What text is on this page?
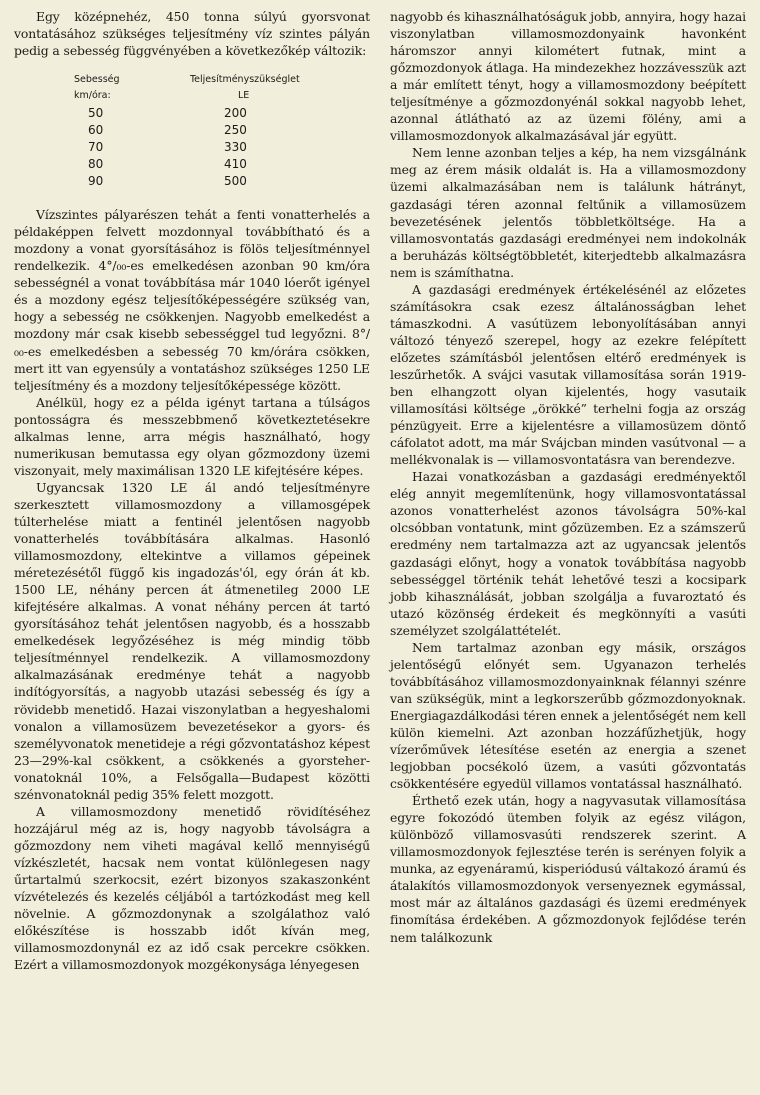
Egy középnehéz, 450 tonna súlyú gyorsvonat vontatásához szükséges teljesítmény víz szintes pályán pedig a sebesség függvényében a következőkép változik:

Sebesség	Teljesítményszükséglet
km/óra:	LE
50	200
60	250
70	330
80	410
90	500

Vízszintes pályarészen tehát a fenti vonatterhelés a példaképpen felvett mozdonnyal továbbítható és a mozdony a vonat gyorsításához is fölös teljesítménnyel rendelkezik. 4°/₀₀-es emelkedésen azonban 90 km/óra sebességnél a vonat továbbítása már 1040 lóerőt igényel és a mozdony egész teljesítőképességére szükség van, hogy a sebesség ne csökkenjen. Nagyobb emelkedést a mozdony már csak kisebb sebességgel tud legyőzni. 8°/₀₀-es emelkedésben a sebesség 70 km/órára csökken, mert itt van egyensúly a vontatáshoz szükséges 1250 LE teljesítmény és a mozdony teljesítőképessége között.

Anélkül, hogy ez a példa igényt tartana a túlságos pontosságra és messzebbmenő következtetésekre alkalmas lenne, arra mégis használható, hogy numerikusan bemutassa egy olyan gőzmozdony üzemi viszonyait, mely maximálisan 1320 LE kifejtésére képes.

Ugyancsak 1320 LE ál andó teljesítményre szerkesztett villamosmozdony a villamosgépek túlterhelése miatt a fentinél jelentősen nagyobb vonatterhelés továbbítására alkalmas. Hasonló villamosmozdony, eltekintve a villamos gépeinek méretezésétől függő kis ingadozás'ól, egy órán át kb. 1500 LE, néhány percen át átmenetileg 2000 LE kifejtésére alkalmas. A vonat néhány percen át tartó gyorsításához tehát jelentősen nagyobb, és a hosszabb emelkedések legyőzéséhez is még mindig több teljesítménnyel rendelkezik. A villamosmozdony alkalmazásának eredménye tehát a nagyobb indítógyorsítás, a nagyobb utazási sebesség és így a rövidebb menetidő. Hazai viszonylatban a hegyeshalomi vonalon a villamosüzem bevezetésekor a gyors- és személyvonatok menetideje a régi gőzvontatáshoz képest 23—29%-kal csökkent, a csökkenés a gyorstehervonatoknál 10%, a Felsőgalla—Budapest közötti szénvonatoknál pedig 35% felett mozgott.

A villamosmozdony menetidő rövidítéséhez hozzájárul még az is, hogy nagyobb távolságra a gőzmozdony nem viheti magával kellő mennyiségű vízkészletét, hacsak nem vontat különlegesen nagy űrtartalmú szerkocsit, ezért bizonyos szakaszonként vízvételezés és kezelés céljából a tartózkodást meg kell növelnie. A gőzmozdonynak a szolgálathoz való előkészítése is hosszabb időt kíván meg, villamosmozdonynál ez az idő csak percekre csökken. Ezért a villamosmozdonyok mozgékonysága lényegesen

nagyobb és kihasználhatóságuk jobb, annyira, hogy hazai viszonylatban villamosmozdonyaink havonként háromszor annyi kilométert futnak, mint a gőzmozdonyok átlaga. Ha mindezekhez hozzávesszük azt a már említett tényt, hogy a villamosmozdony beépített teljesítménye a gőzmozdonyénál sokkal nagyobb lehet, azonnal átlátható az az üzemi fölény, ami a villamosmozdonyok alkalmazásával jár együtt.

Nem lenne azonban teljes a kép, ha nem vizsgálnánk meg az érem másik oldalát is. Ha a villamosmozdony üzemi alkalmazásában nem is találunk hátrányt, gazdasági téren azonnal feltűnik a villamosüzem bevezetésének jelentős többletköltsége. Ha a villamosvontatás gazdasági eredményei nem indokolnák a beruházás költségtöbbletét, kiterjedtebb alkalmazásra nem is számíthatna.

A gazdasági eredmények értékelésénél az előzetes számításokra csak ezesz általánosságban lehet támaszkodni. A vasútüzem lebonyolításában annyi változó tényező szerepel, hogy az ezekre felépített előzetes számításból jelentősen eltérő eredmények is leszűrhetők. A svájci vasutak villamosítása során 1919-ben elhangzott olyan kijelentés, hogy vasutaik villamosítási költsége „örökké” terhelni fogja az ország pénzügyeit. Erre a kijelentésre a villamosüzem döntő cáfolatot adott, ma már Svájcban minden vasútvonal — a mellékvonalak is — villamosvontatásra van berendezve.

Hazai vonatkozásban a gazdasági eredményektől elég annyit megemlítenünk, hogy villamosvontatással azonos vonatterhelést azonos távolságra 50%-kal olcsóbban vontatunk, mint gőzüzemben. Ez a számszerű eredmény nem tartalmazza azt az ugyancsak jelentős gazdasági előnyt, hogy a vonatok továbbítása nagyobb sebességgel történik tehát lehetővé teszi a kocsipark jobb kihasználását, jobban szolgálja a fuvaroztató és utazó közönség érdekeit és megkönnyíti a vasúti személyzet szolgálattételét.

Nem tartalmaz azonban egy másik, országos jelentőségű előnyét sem. Ugyanazon terhelés továbbításához villamosmozdonyainknak félannyi szénre van szükségük, mint a legkorszerűbb gőzmozdonyoknak. Energiagazdálkodási téren ennek a jelentőségét nem kell külön kiemelni. Azt azonban hozzáfűzhetjük, hogy vízerőművek létesítése esetén az energia a szenet legjobban pocsékoló üzem, a vasúti gőzvontatás csökkentésére egyedül villamos vontatással használható.

Érthető ezek után, hogy a nagyvasutak villamosítása egyre fokozódó ütemben folyik az egész világon, különböző villamosvasúti rendszerek szerint. A villamosmozdonyok fejlesztése terén is serényen folyik a munka, az egyenáramú, kisperiódusú váltakozó áramú és átalakítós villamosmozdonyok versenyeznek egymással, most már az általános gazdasági és üzemi eredmények finomítása érdekében. A gőzmozdonyok fejlődése terén nem találkozunk
